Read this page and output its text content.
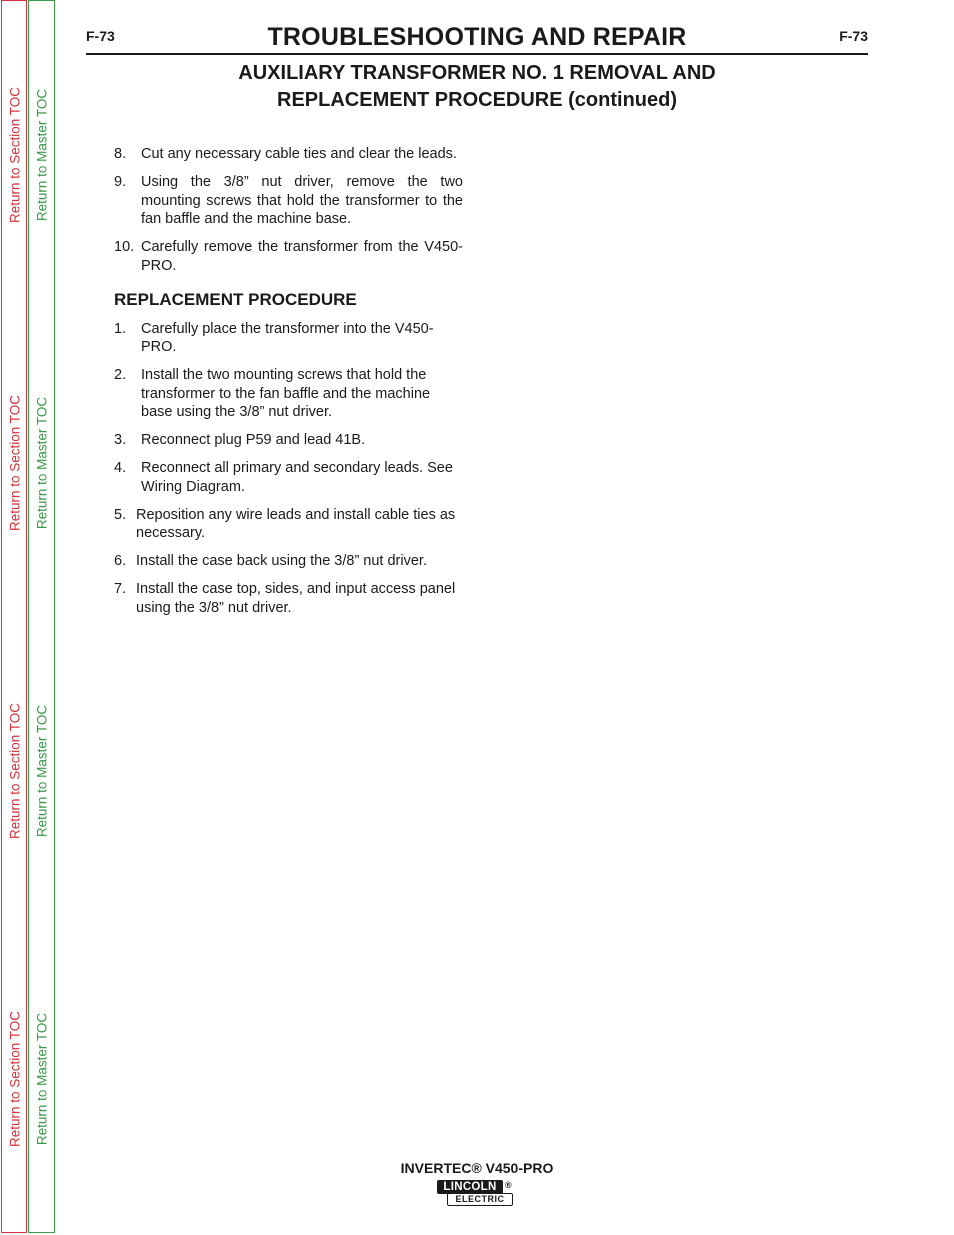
Return to Section TOC
Return to Section TOC
Return to Section TOC
Return to Section TOC
Return to Master TOC
Return to Master TOC
Return to Master TOC
Return to Master TOC
F-73	TROUBLESHOOTING AND REPAIR	F-73
AUXILIARY TRANSFORMER NO. 1 REMOVAL AND
REPLACEMENT PROCEDURE (continued)
8.	Cut any necessary cable ties and clear the leads.
9.	Using the 3/8” nut driver, remove the two mounting screws that hold the transformer to the fan baffle and the machine base.
10. Carefully remove the transformer from the V450-PRO.
REPLACEMENT PROCEDURE
1.	Carefully place the transformer into the V450-PRO.
2.	Install the two mounting screws that hold the transformer to the fan baffle and the machine base using the 3/8” nut driver.
3.	Reconnect plug P59 and lead 41B.
4.	Reconnect all primary and secondary leads. See Wiring Diagram.
5. Reposition any wire leads and install cable ties as necessary.
6. Install the case back using the 3/8” nut driver.
7. Install the case top, sides, and input access panel using the 3/8” nut driver.
INVERTEC® V450-PRO
LINCOLN ®
ELECTRIC
